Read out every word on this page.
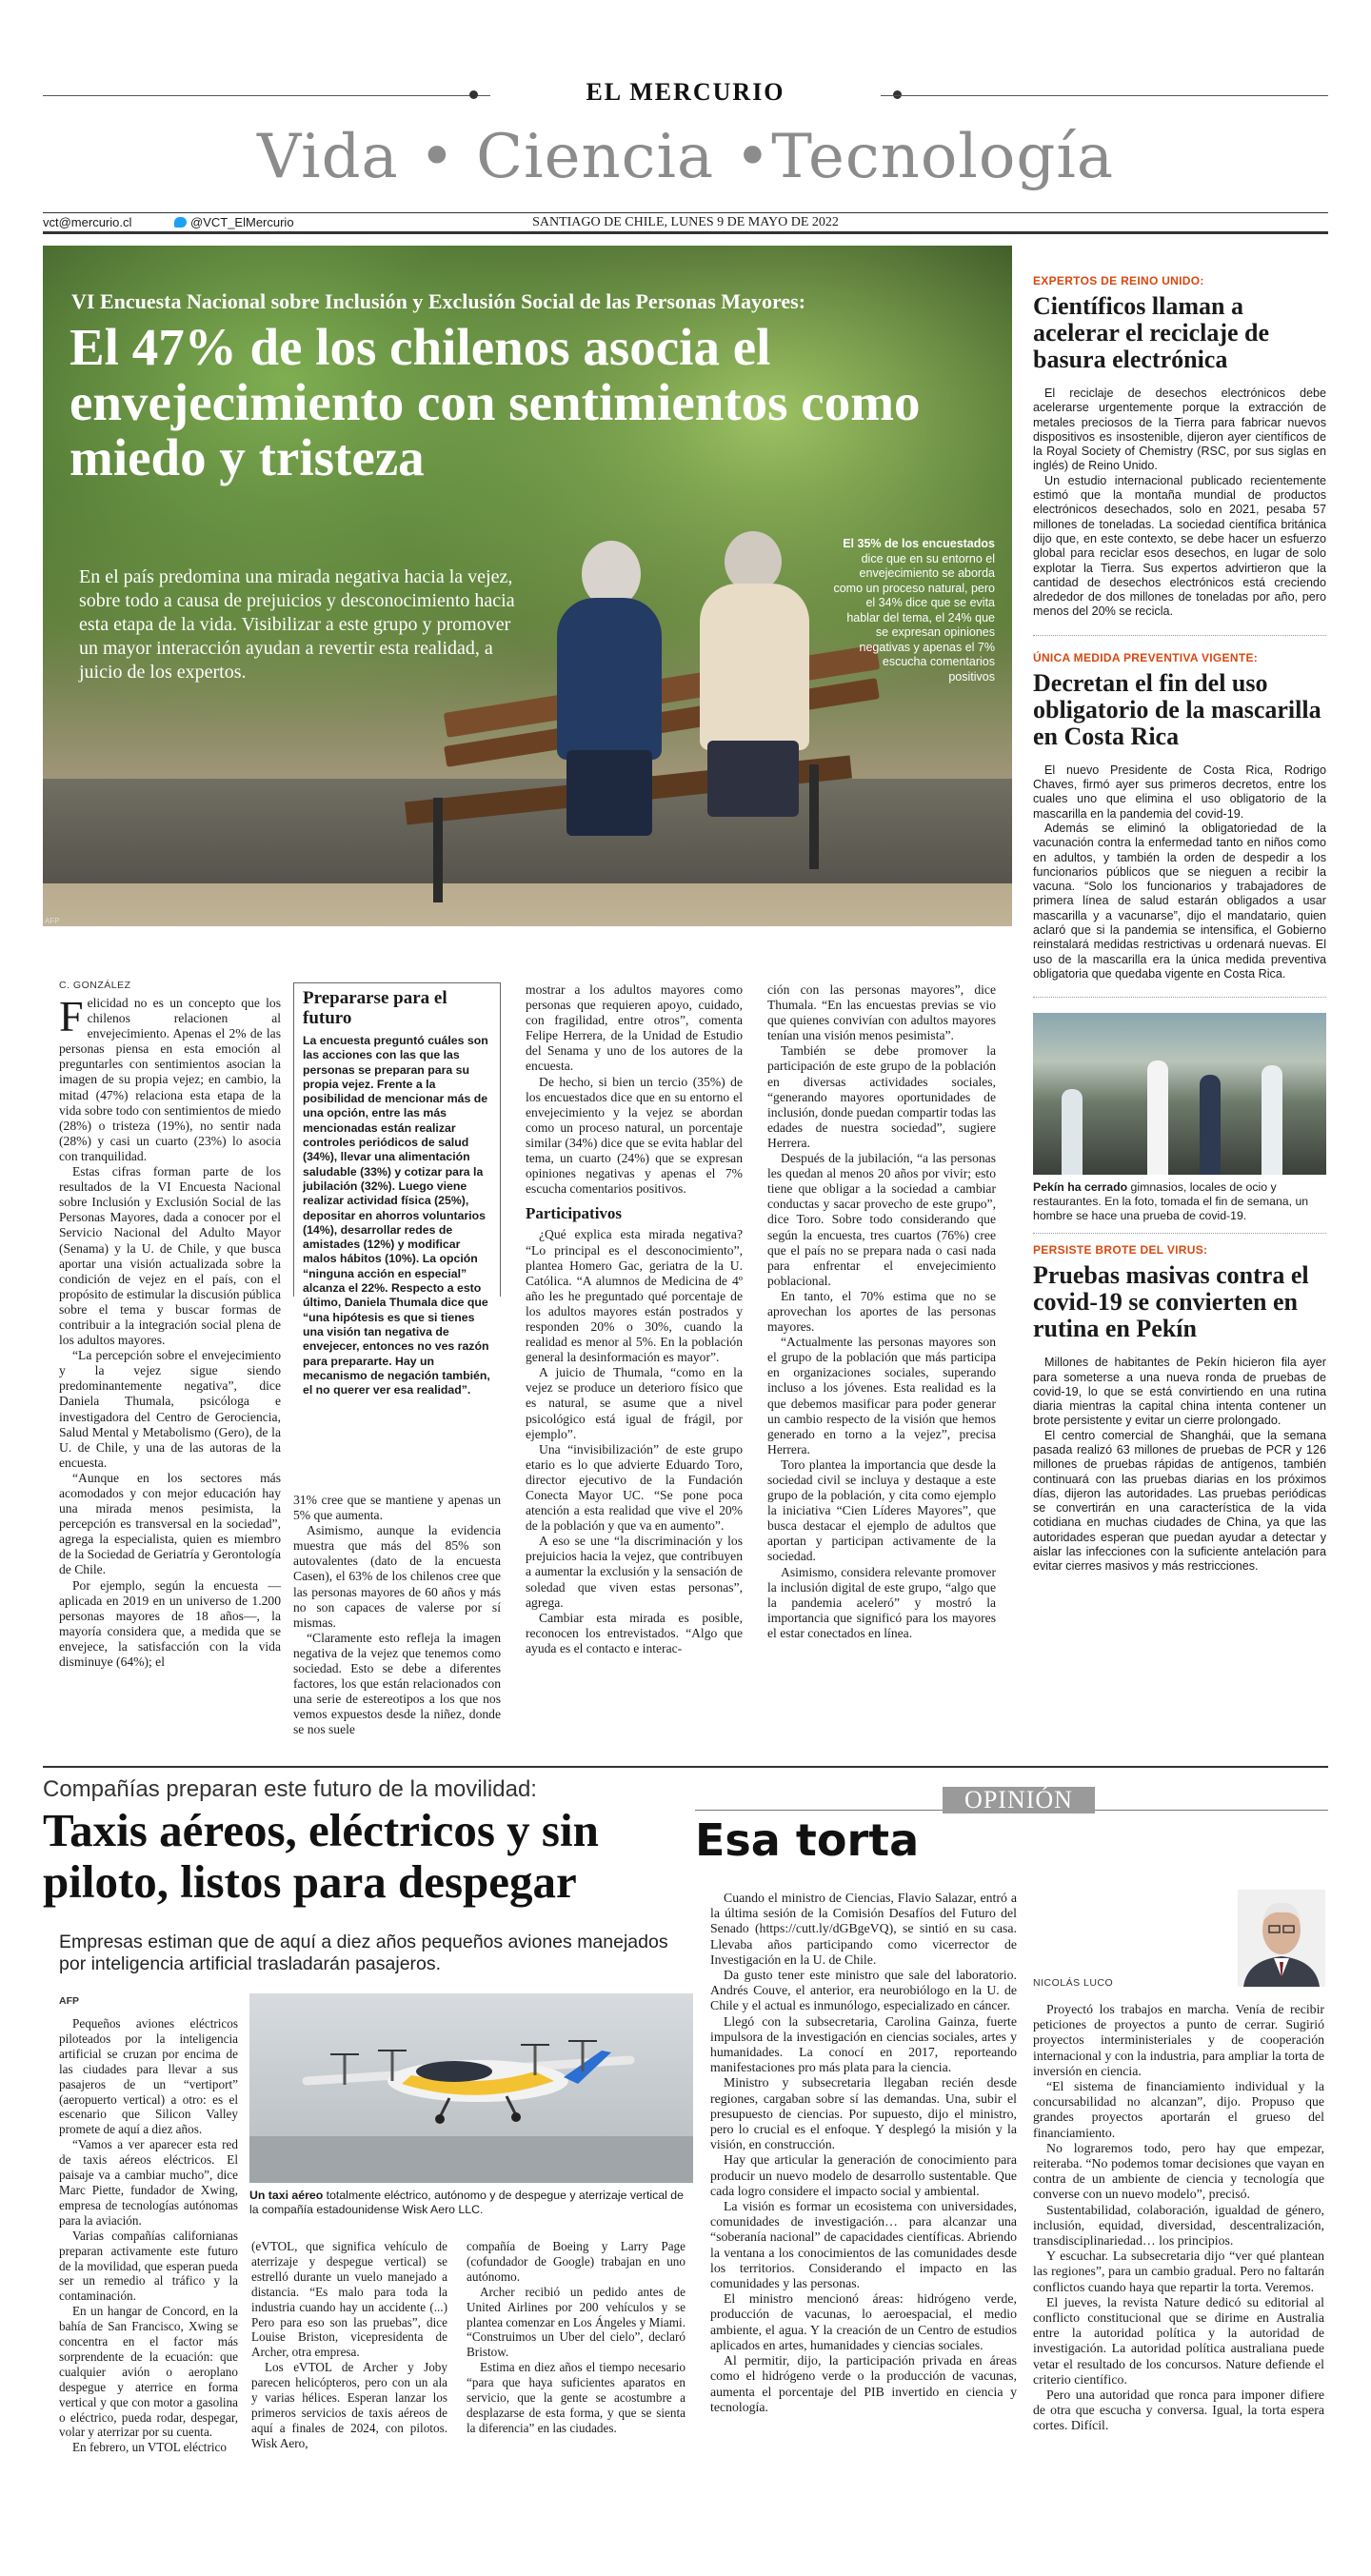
EL MERCURIO
Vida • Ciencia •Tecnología
vct@mercurio.cl	@VCT_ElMercurio	SANTIAGO DE CHILE, LUNES 9 DE MAYO DE 2022
VI Encuesta Nacional sobre Inclusión y Exclusión Social de las Personas Mayores:
El 47% de los chilenos asocia el envejecimiento con sentimientos como miedo y tristeza

En el país predomina una mirada negativa hacia la vejez, sobre todo a causa de prejuicios y desconocimiento hacia esta etapa de la vida. Visibilizar a este grupo y promover un mayor interacción ayudan a revertir esta realidad, a juicio de los expertos.

El 35% de los encuestados dice que en su entorno el envejecimiento se aborda como un proceso natural, pero el 34% dice que se evita hablar del tema, el 24% que se expresan opiniones negativas y apenas el 7% escucha comentarios positivos

AFP
C. GONZÁLEZ

Felicidad no es un concepto que los chilenos relacionen al envejecimiento. Apenas el 2% de las personas piensa en esta emoción al preguntarles con sentimientos asocian la imagen de su propia vejez; en cambio, la mitad (47%) relaciona esta etapa de la vida sobre todo con sentimientos de miedo (28%) o tristeza (19%), no sentir nada (28%) y casi un cuarto (23%) lo asocia con tranquilidad.

Estas cifras forman parte de los resultados de la VI Encuesta Nacional sobre Inclusión y Exclusión Social de las Personas Mayores, dada a conocer por el Servicio Nacional del Adulto Mayor (Senama) y la U. de Chile, y que busca aportar una visión actualizada sobre la condición de vejez en el país, con el propósito de estimular la discusión pública sobre el tema y buscar formas de contribuir a la integración social plena de los adultos mayores.

“La percepción sobre el envejecimiento y la vejez sigue siendo predominantemente negativa”, dice Daniela Thumala, psicóloga e investigadora del Centro de Gerociencia, Salud Mental y Metabolismo (Gero), de la U. de Chile, y una de las autoras de la encuesta.

“Aunque en los sectores más acomodados y con mejor educación hay una mirada menos pesimista, la percepción es transversal en la sociedad”, agrega la especialista, quien es miembro de la Sociedad de Geriatría y Gerontología de Chile.

Por ejemplo, según la encuesta —aplicada en 2019 en un universo de 1.200 personas mayores de 18 años—, la mayoría considera que, a medida que se envejece, la satisfacción con la vida disminuye (64%); el

Prepararse para el futuro

La encuesta preguntó cuáles son las acciones con las que las personas se preparan para su propia vejez. Frente a la posibilidad de mencionar más de una opción, entre las más mencionadas están realizar controles periódicos de salud (34%), llevar una alimentación saludable (33%) y cotizar para la jubilación (32%). Luego viene realizar actividad física (25%), depositar en ahorros voluntarios (14%), desarrollar redes de amistades (12%) y modificar malos hábitos (10%). La opción “ninguna acción en especial” alcanza el 22%. Respecto a esto último, Daniela Thumala dice que “una hipótesis es que si tienes una visión tan negativa de envejecer, entonces no ves razón para prepararte. Hay un mecanismo de negación también, el no querer ver esa realidad”.

31% cree que se mantiene y apenas un 5% que aumenta.

Asimismo, aunque la evidencia muestra que más del 85% son autovalentes (dato de la encuesta Casen), el 63% de los chilenos cree que las personas mayores de 60 años y más no son capaces de valerse por sí mismas.

“Claramente esto refleja la imagen negativa de la vejez que tenemos como sociedad. Esto se debe a diferentes factores, los que están relacionados con una serie de estereotipos a los que nos vemos expuestos desde la niñez, donde se nos suele

mostrar a los adultos mayores como personas que requieren apoyo, cuidado, con fragilidad, entre otros”, comenta Felipe Herrera, de la Unidad de Estudio del Senama y uno de los autores de la encuesta.

De hecho, si bien un tercio (35%) de los encuestados dice que en su entorno el envejecimiento y la vejez se abordan como un proceso natural, un porcentaje similar (34%) dice que se evita hablar del tema, un cuarto (24%) que se expresan opiniones negativas y apenas el 7% escucha comentarios positivos.

Participativos

¿Qué explica esta mirada negativa? “Lo principal es el desconocimiento”, plantea Homero Gac, geriatra de la U. Católica. “A alumnos de Medicina de 4º año les he preguntado qué porcentaje de los adultos mayores están postrados y responden 20% o 30%, cuando la realidad es menor al 5%. En la población general la desinformación es mayor”.

A juicio de Thumala, “como en la vejez se produce un deterioro físico que es natural, se asume que a nivel psicológico está igual de frágil, por ejemplo”.

Una “invisibilización” de este grupo etario es lo que advierte Eduardo Toro, director ejecutivo de la Fundación Conecta Mayor UC. “Se pone poca atención a esta realidad que vive el 20% de la población y que va en aumento”.

A eso se une “la discriminación y los prejuicios hacia la vejez, que contribuyen a aumentar la exclusión y la sensación de soledad que viven estas personas”, agrega.

Cambiar esta mirada es posible, reconocen los entrevistados. “Algo que ayuda es el contacto e interac-

ción con las personas mayores”, dice Thumala. “En las encuestas previas se vio que quienes convivían con adultos mayores tenían una visión menos pesimista”.

También se debe promover la participación de este grupo de la población en diversas actividades sociales, “generando mayores oportunidades de inclusión, donde puedan compartir todas las edades de nuestra sociedad”, sugiere Herrera.

Después de la jubilación, “a las personas les quedan al menos 20 años por vivir; esto tiene que obligar a la sociedad a cambiar conductas y sacar provecho de este grupo”, dice Toro. Sobre todo considerando que según la encuesta, tres cuartos (76%) cree que el país no se prepara nada o casi nada para enfrentar el envejecimiento poblacional.

En tanto, el 70% estima que no se aprovechan los aportes de las personas mayores.

“Actualmente las personas mayores son el grupo de la población que más participa en organizaciones sociales, superando incluso a los jóvenes. Esta realidad es la que debemos masificar para poder generar un cambio respecto de la visión que hemos generado en torno a la vejez”, precisa Herrera.

Toro plantea la importancia que desde la sociedad civil se incluya y destaque a este grupo de la población, y cita como ejemplo la iniciativa “Cien Líderes Mayores”, que busca destacar el ejemplo de adultos que aportan y participan activamente de la sociedad.

Asimismo, considera relevante promover la inclusión digital de este grupo, “algo que la pandemia aceleró” y mostró la importancia que significó para los mayores el estar conectados en línea.

EXPERTOS DE REINO UNIDO:
Científicos llaman a acelerar el reciclaje de basura electrónica

El reciclaje de desechos electrónicos debe acelerarse urgentemente porque la extracción de metales preciosos de la Tierra para fabricar nuevos dispositivos es insostenible, dijeron ayer científicos de la Royal Society of Chemistry (RSC, por sus siglas en inglés) de Reino Unido.

Un estudio internacional publicado recientemente estimó que la montaña mundial de productos electrónicos desechados, solo en 2021, pesaba 57 millones de toneladas. La sociedad científica británica dijo que, en este contexto, se debe hacer un esfuerzo global para reciclar esos desechos, en lugar de solo explotar la Tierra. Sus expertos advirtieron que la cantidad de desechos electrónicos está creciendo alrededor de dos millones de toneladas por año, pero menos del 20% se recicla.

ÚNICA MEDIDA PREVENTIVA VIGENTE:
Decretan el fin del uso obligatorio de la mascarilla en Costa Rica

El nuevo Presidente de Costa Rica, Rodrigo Chaves, firmó ayer sus primeros decretos, entre los cuales uno que elimina el uso obligatorio de la mascarilla en la pandemia del covid-19.

Además se eliminó la obligatoriedad de la vacunación contra la enfermedad tanto en niños como en adultos, y también la orden de despedir a los funcionarios públicos que se nieguen a recibir la vacuna. “Solo los funcionarios y trabajadores de primera línea de salud estarán obligados a usar mascarilla y a vacunarse”, dijo el mandatario, quien aclaró que si la pandemia se intensifica, el Gobierno reinstalará medidas restrictivas u ordenará nuevas. El uso de la mascarilla era la única medida preventiva obligatoria que quedaba vigente en Costa Rica.

Pekín ha cerrado gimnasios, locales de ocio y restaurantes. En la foto, tomada el fin de semana, un hombre se hace una prueba de covid-19.

PERSISTE BROTE DEL VIRUS:
Pruebas masivas contra el covid-19 se convierten en rutina en Pekín

Millones de habitantes de Pekín hicieron fila ayer para someterse a una nueva ronda de pruebas de covid-19, lo que se está convirtiendo en una rutina diaria mientras la capital china intenta contener un brote persistente y evitar un cierre prolongado.

El centro comercial de Shanghái, que la semana pasada realizó 63 millones de pruebas de PCR y 126 millones de pruebas rápidas de antígenos, también continuará con las pruebas diarias en los próximos días, dijeron las autoridades. Las pruebas periódicas se convertirán en una característica de la vida cotidiana en muchas ciudades de China, ya que las autoridades esperan que puedan ayudar a detectar y aislar las infecciones con la suficiente antelación para evitar cierres masivos y más restricciones.

Compañías preparan este futuro de la movilidad:
Taxis aéreos, eléctricos y sin piloto, listos para despegar

Empresas estiman que de aquí a diez años pequeños aviones manejados por inteligencia artificial trasladarán pasajeros.

AFP

Un taxi aéreo totalmente eléctrico, autónomo y de despegue y aterrizaje vertical de la compañía estadounidense Wisk Aero LLC.

Pequeños aviones eléctricos piloteados por la inteligencia artificial se cruzan por encima de las ciudades para llevar a sus pasajeros de un “vertiport” (aeropuerto vertical) a otro: es el escenario que Silicon Valley promete de aquí a diez años.

“Vamos a ver aparecer esta red de taxis aéreos eléctricos. El paisaje va a cambiar mucho”, dice Marc Piette, fundador de Xwing, empresa de tecnologías autónomas para la aviación.

Varias compañías californianas preparan activamente este futuro de la movilidad, que esperan pueda ser un remedio al tráfico y la contaminación.

En un hangar de Concord, en la bahía de San Francisco, Xwing se concentra en el factor más sorprendente de la ecuación: que cualquier avión o aeroplano despegue y aterrice en forma vertical y que con motor a gasolina o eléctrico, pueda rodar, despegar, volar y aterrizar por su cuenta.

En febrero, un VTOL eléctrico

(eVTOL, que significa vehículo de aterrizaje y despegue vertical) se estrelló durante un vuelo manejado a distancia. “Es malo para toda la industria cuando hay un accidente (...) Pero para eso son las pruebas”, dice Louise Briston, vicepresidenta de Archer, otra empresa.

Los eVTOL de Archer y Joby parecen helicópteros, pero con un ala y varias hélices. Esperan lanzar los primeros servicios de taxis aéreos de aquí a finales de 2024, con pilotos. Wisk Aero,

compañía de Boeing y Larry Page (cofundador de Google) trabajan en uno autónomo.

Archer recibió un pedido antes de United Airlines por 200 vehículos y se plantea comenzar en Los Ángeles y Miami. “Construimos un Uber del cielo”, declaró Bristow.

Estima en diez años el tiempo necesario “para que haya suficientes aparatos en servicio, que la gente se acostumbre a desplazarse de esta forma, y que se sienta la diferencia” en las ciudades.

OPINIÓN
Esa torta

Cuando el ministro de Ciencias, Flavio Salazar, entró a la última sesión de la Comisión Desafíos del Futuro del Senado (https://cutt.ly/dGBgeVQ), se sintió en su casa. Llevaba años participando como vicerrector de Investigación en la U. de Chile.

Da gusto tener este ministro que sale del laboratorio. Andrés Couve, el anterior, era neurobiólogo en la U. de Chile y el actual es inmunólogo, especializado en cáncer.

Llegó con la subsecretaria, Carolina Gainza, fuerte impulsora de la investigación en ciencias sociales, artes y humanidades. La conocí en 2017, reporteando manifestaciones pro más plata para la ciencia.

Ministro y subsecretaria llegaban recién desde regiones, cargaban sobre sí las demandas. Una, subir el presupuesto de ciencias. Por supuesto, dijo el ministro, pero lo crucial es el enfoque. Y desplegó la misión y la visión, en construcción.

Hay que articular la generación de conocimiento para producir un nuevo modelo de desarrollo sustentable. Que cada logro considere el impacto social y ambiental.

La visión es formar un ecosistema con universidades, comunidades de investigación… para alcanzar una “soberanía nacional” de capacidades científicas. Abriendo la ventana a los conocimientos de las comunidades desde los territorios. Considerando el impacto en las comunidades y las personas.

El ministro mencionó áreas: hidrógeno verde, producción de vacunas, lo aeroespacial, el medio ambiente, el agua. Y la creación de un Centro de estudios aplicados en artes, humanidades y ciencias sociales.

Al permitir, dijo, la participación privada en áreas como el hidrógeno verde o la producción de vacunas, aumenta el porcentaje del PIB invertido en ciencia y tecnología.

NICOLÁS LUCO

Proyectó los trabajos en marcha. Venía de recibir peticiones de proyectos a punto de cerrar. Sugirió proyectos interministeriales y de cooperación internacional y con la industria, para ampliar la torta de inversión en ciencia.

“El sistema de financiamiento individual y la concursabilidad no alcanzan”, dijo. Propuso que grandes proyectos aportarán el grueso del financiamiento.

No lograremos todo, pero hay que empezar, reiteraba. “No podemos tomar decisiones que vayan en contra de un ambiente de ciencia y tecnología que converse con un nuevo modelo”, precisó.

Sustentabilidad, colaboración, igualdad de género, inclusión, equidad, diversidad, descentralización, transdisciplinariedad… los principios.

Y escuchar. La subsecretaria dijo “ver qué plantean las regiones”, para un cambio gradual. Pero no faltarán conflictos cuando haya que repartir la torta. Veremos.

El jueves, la revista Nature dedicó su editorial al conflicto constitucional que se dirime en Australia entre la autoridad política y la autoridad de investigación. La autoridad política australiana puede vetar el resultado de los concursos. Nature defiende el criterio científico.

Pero una autoridad que ronca para imponer difiere de otra que escucha y conversa. Igual, la torta espera cortes. Difícil.
